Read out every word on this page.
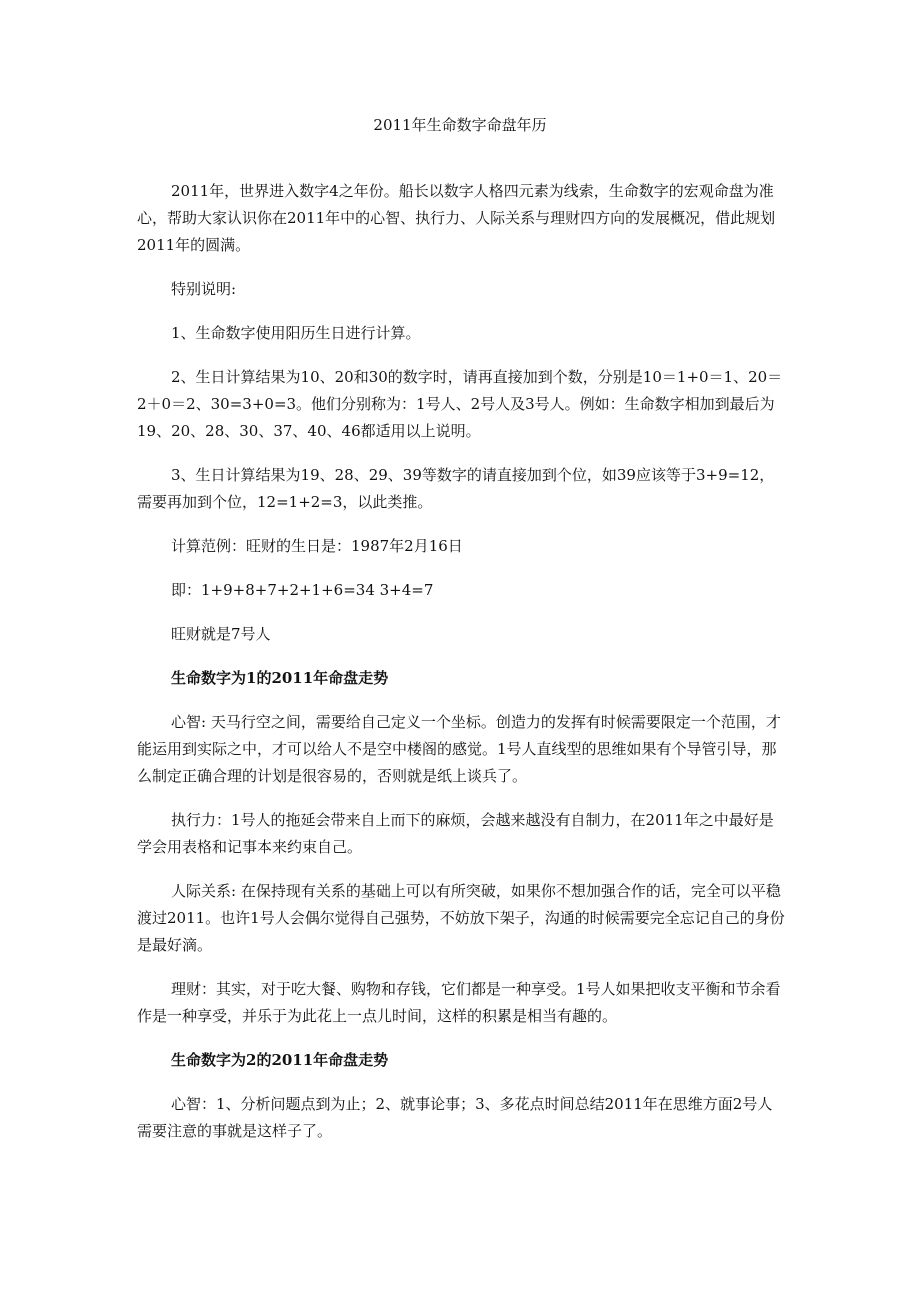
2011年生命数字命盘年历

2011年，世界进入数字4之年份。船长以数字人格四元素为线索，生命数字的宏观命盘为准心，帮助大家认识你在2011年中的心智、执行力、人际关系与理财四方向的发展概况，借此规划2011年的圆满。

特别说明:

1、生命数字使用阳历生日进行计算。

2、生日计算结果为10、20和30的数字时，请再直接加到个数，分别是10＝1+0＝1、20＝2＋0＝2、30=3+0=3。他们分别称为：1号人、2号人及3号人。例如：生命数字相加到最后为19、20、28、30、37、40、46都适用以上说明。

3、生日计算结果为19、28、29、39等数字的请直接加到个位，如39应该等于3+9=12，需要再加到个位，12=1+2=3，以此类推。

计算范例：旺财的生日是：1987年2月16日

即：1+9+8+7+2+1+6=34 3+4=7

旺财就是7号人

生命数字为1的2011年命盘走势

心智: 天马行空之间，需要给自己定义一个坐标。创造力的发挥有时候需要限定一个范围，才能运用到实际之中，才可以给人不是空中楼阁的感觉。1号人直线型的思维如果有个导管引导，那么制定正确合理的计划是很容易的，否则就是纸上谈兵了。

执行力：1号人的拖延会带来自上而下的麻烦，会越来越没有自制力，在2011年之中最好是学会用表格和记事本来约束自己。

人际关系: 在保持现有关系的基础上可以有所突破，如果你不想加强合作的话，完全可以平稳渡过2011。也许1号人会偶尔觉得自己强势，不妨放下架子，沟通的时候需要完全忘记自己的身份是最好滴。

理财：其实，对于吃大餐、购物和存钱，它们都是一种享受。1号人如果把收支平衡和节余看作是一种享受，并乐于为此花上一点儿时间，这样的积累是相当有趣的。

生命数字为2的2011年命盘走势

心智：1、分析问题点到为止；2、就事论事；3、多花点时间总结2011年在思维方面2号人需要注意的事就是这样子了。
